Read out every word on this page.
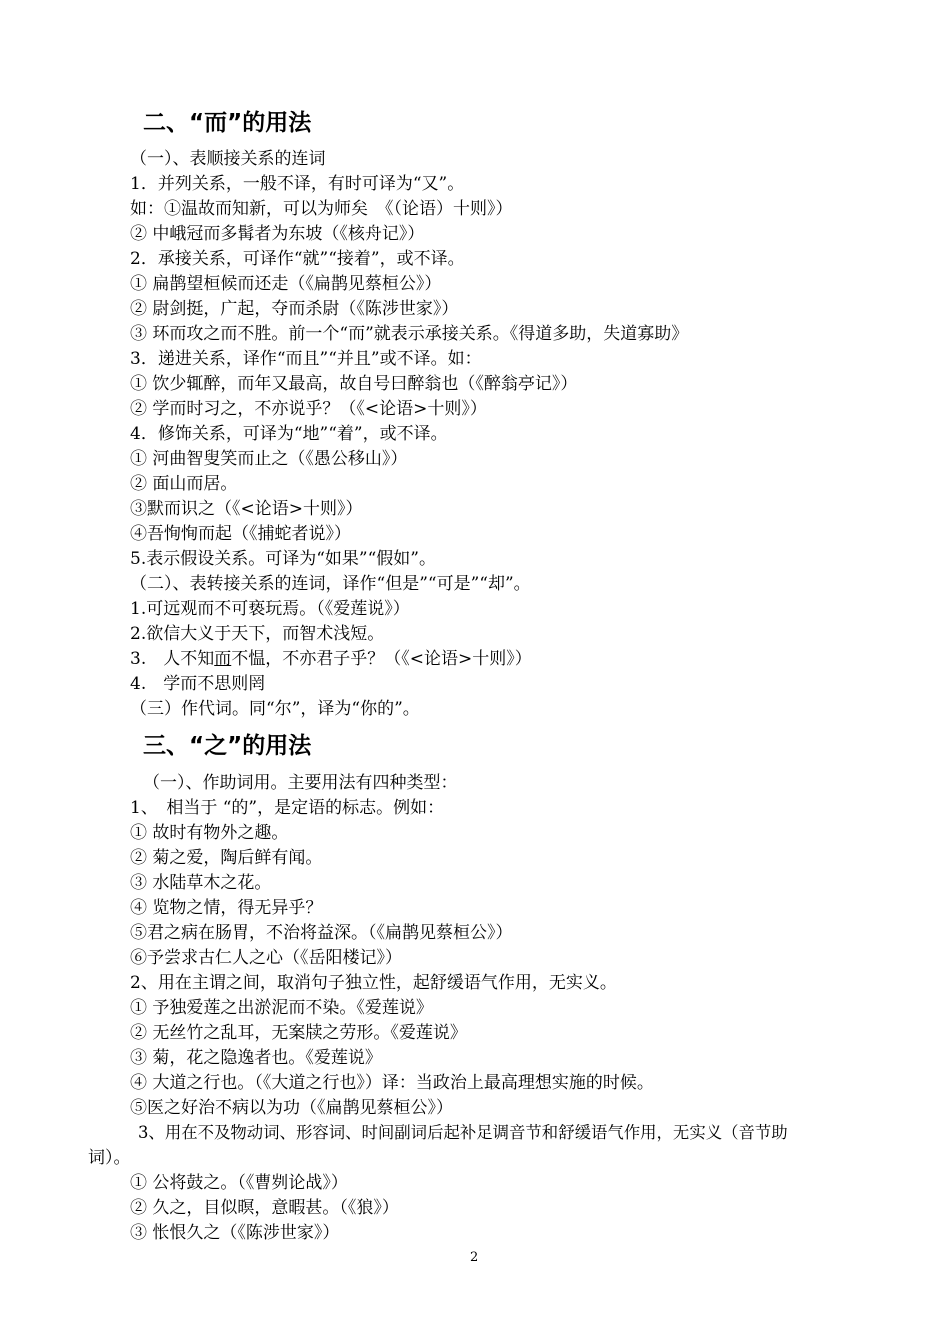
二、“而”的用法
（一）、表顺接关系的连词
1．并列关系，一般不译，有时可译为“又”。
如：①温故而知新，可以为师矣　《（论语）十则》）
② 中峨冠而多髯者为东坡（《核舟记》）
2．承接关系，可译作“就”“接着”，或不译。
① 扁鹊望桓候而还走（《扁鹊见蔡桓公》）
② 尉剑挺，广起，夺而杀尉（《陈涉世家》）
③ 环而攻之而不胜。前一个“而”就表示承接关系。《得道多助，失道寡助》
3．递进关系，译作“而且”“并且”或不译。如：
① 饮少辄醉，而年又最高，故自号曰醉翁也（《醉翁亭记》）
② 学而时习之，不亦说乎？（《<论语>十则》）
4．修饰关系，可译为“地”“着”，或不译。
① 河曲智叟笑而止之（《愚公移山》）
② 面山而居。
③默而识之（《<论语>十则》）
④吾恂恂而起（《捕蛇者说》）
5.表示假设关系。可译为“如果”“假如”。
（二）、表转接关系的连词，译作“但是”“可是”“却”。
1.可远观而不可亵玩焉。（《爱莲说》）
2.欲信大义于天下，而智术浅短。
3.　人不知而不愠，不亦君子乎？（《<论语>十则》）
4.　学而不思则罔
（三）作代词。同“尔”，译为“你的”。
三、“之”的用法
（一）、作助词用。主要用法有四种类型：
1、　相当于 “的”，是定语的标志。例如：
① 故时有物外之趣。
② 菊之爱，陶后鲜有闻。
③ 水陆草木之花。
④ 览物之情，得无异乎？
⑤君之病在肠胃，不治将益深。（《扁鹊见蔡桓公》）
⑥予尝求古仁人之心（《岳阳楼记》）
2、用在主谓之间，取消句子独立性，起舒缓语气作用，无实义。
① 予独爱莲之出淤泥而不染。《爱莲说》
② 无丝竹之乱耳，无案牍之劳形。《爱莲说》
③ 菊，花之隐逸者也。《爱莲说》
④ 大道之行也。（《大道之行也》）译：当政治上最高理想实施的时候。
⑤医之好治不病以为功（《扁鹊见蔡桓公》）
3、用在不及物动词、形容词、时间副词后起补足调音节和舒缓语气作用，无实义（音节助
词）。
① 公将鼓之。（《曹刿论战》）
② 久之，目似暝，意暇甚。（《狼》）
③ 怅恨久之（《陈涉世家》）
2
